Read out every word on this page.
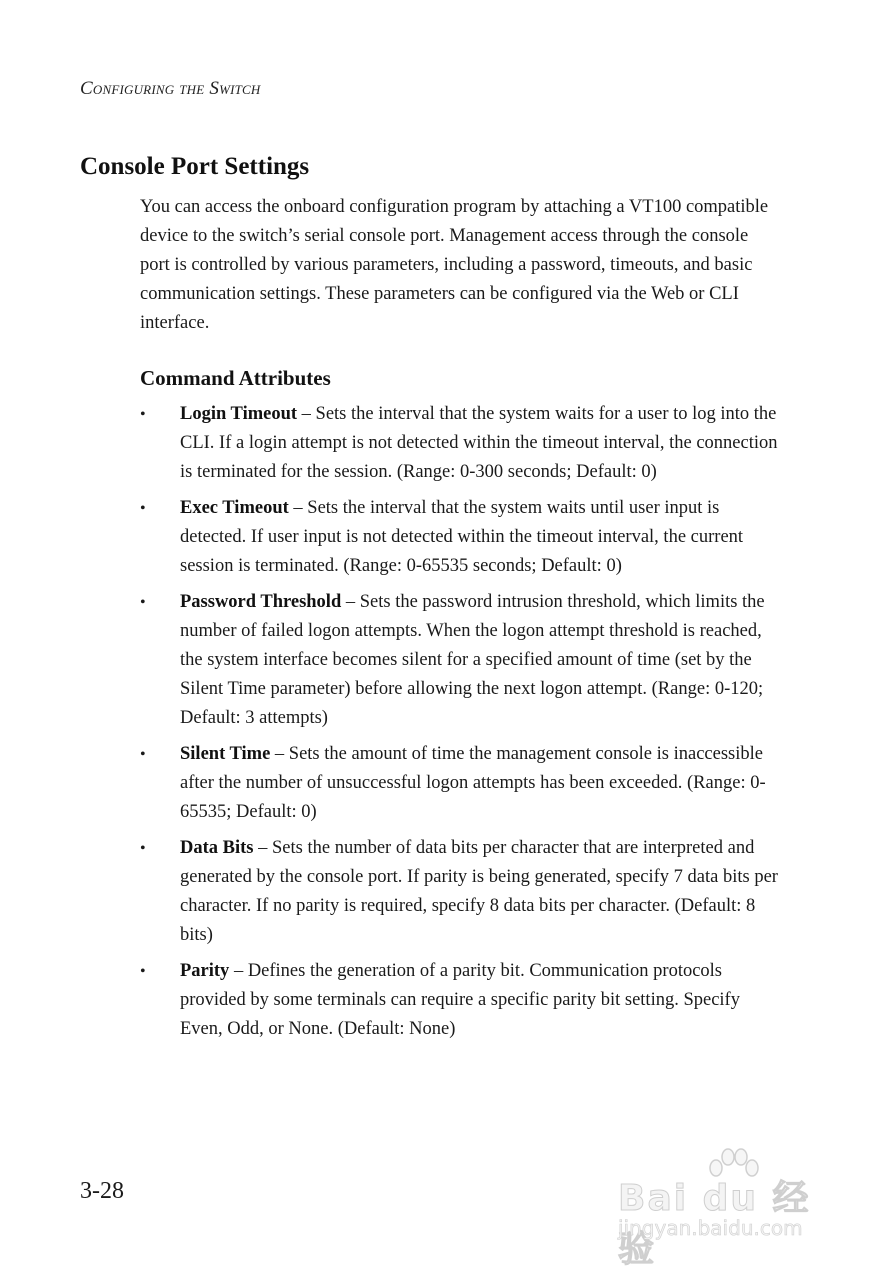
Configuring the Switch
Console Port Settings

You can access the onboard configuration program by attaching a VT100 compatible device to the switch’s serial console port. Management access through the console port is controlled by various parameters, including a password, timeouts, and basic communication settings. These parameters can be configured via the Web or CLI interface.

Command Attributes
• Login Timeout – Sets the interval that the system waits for a user to log into the CLI. If a login attempt is not detected within the timeout interval, the connection is terminated for the session. (Range: 0-300 seconds; Default: 0)
• Exec Timeout – Sets the interval that the system waits until user input is detected. If user input is not detected within the timeout interval, the current session is terminated. (Range: 0-65535 seconds; Default: 0)
• Password Threshold – Sets the password intrusion threshold, which limits the number of failed logon attempts. When the logon attempt threshold is reached, the system interface becomes silent for a specified amount of time (set by the Silent Time parameter) before allowing the next logon attempt. (Range: 0-120; Default: 3 attempts)
• Silent Time – Sets the amount of time the management console is inaccessible after the number of unsuccessful logon attempts has been exceeded. (Range: 0-65535; Default: 0)
• Data Bits – Sets the number of data bits per character that are interpreted and generated by the console port. If parity is being generated, specify 7 data bits per character. If no parity is required, specify 8 data bits per character. (Default: 8 bits)
• Parity – Defines the generation of a parity bit. Communication protocols provided by some terminals can require a specific parity bit setting. Specify Even, Odd, or None. (Default: None)
3-28	Bai du 经验
jingyan.baidu.com
